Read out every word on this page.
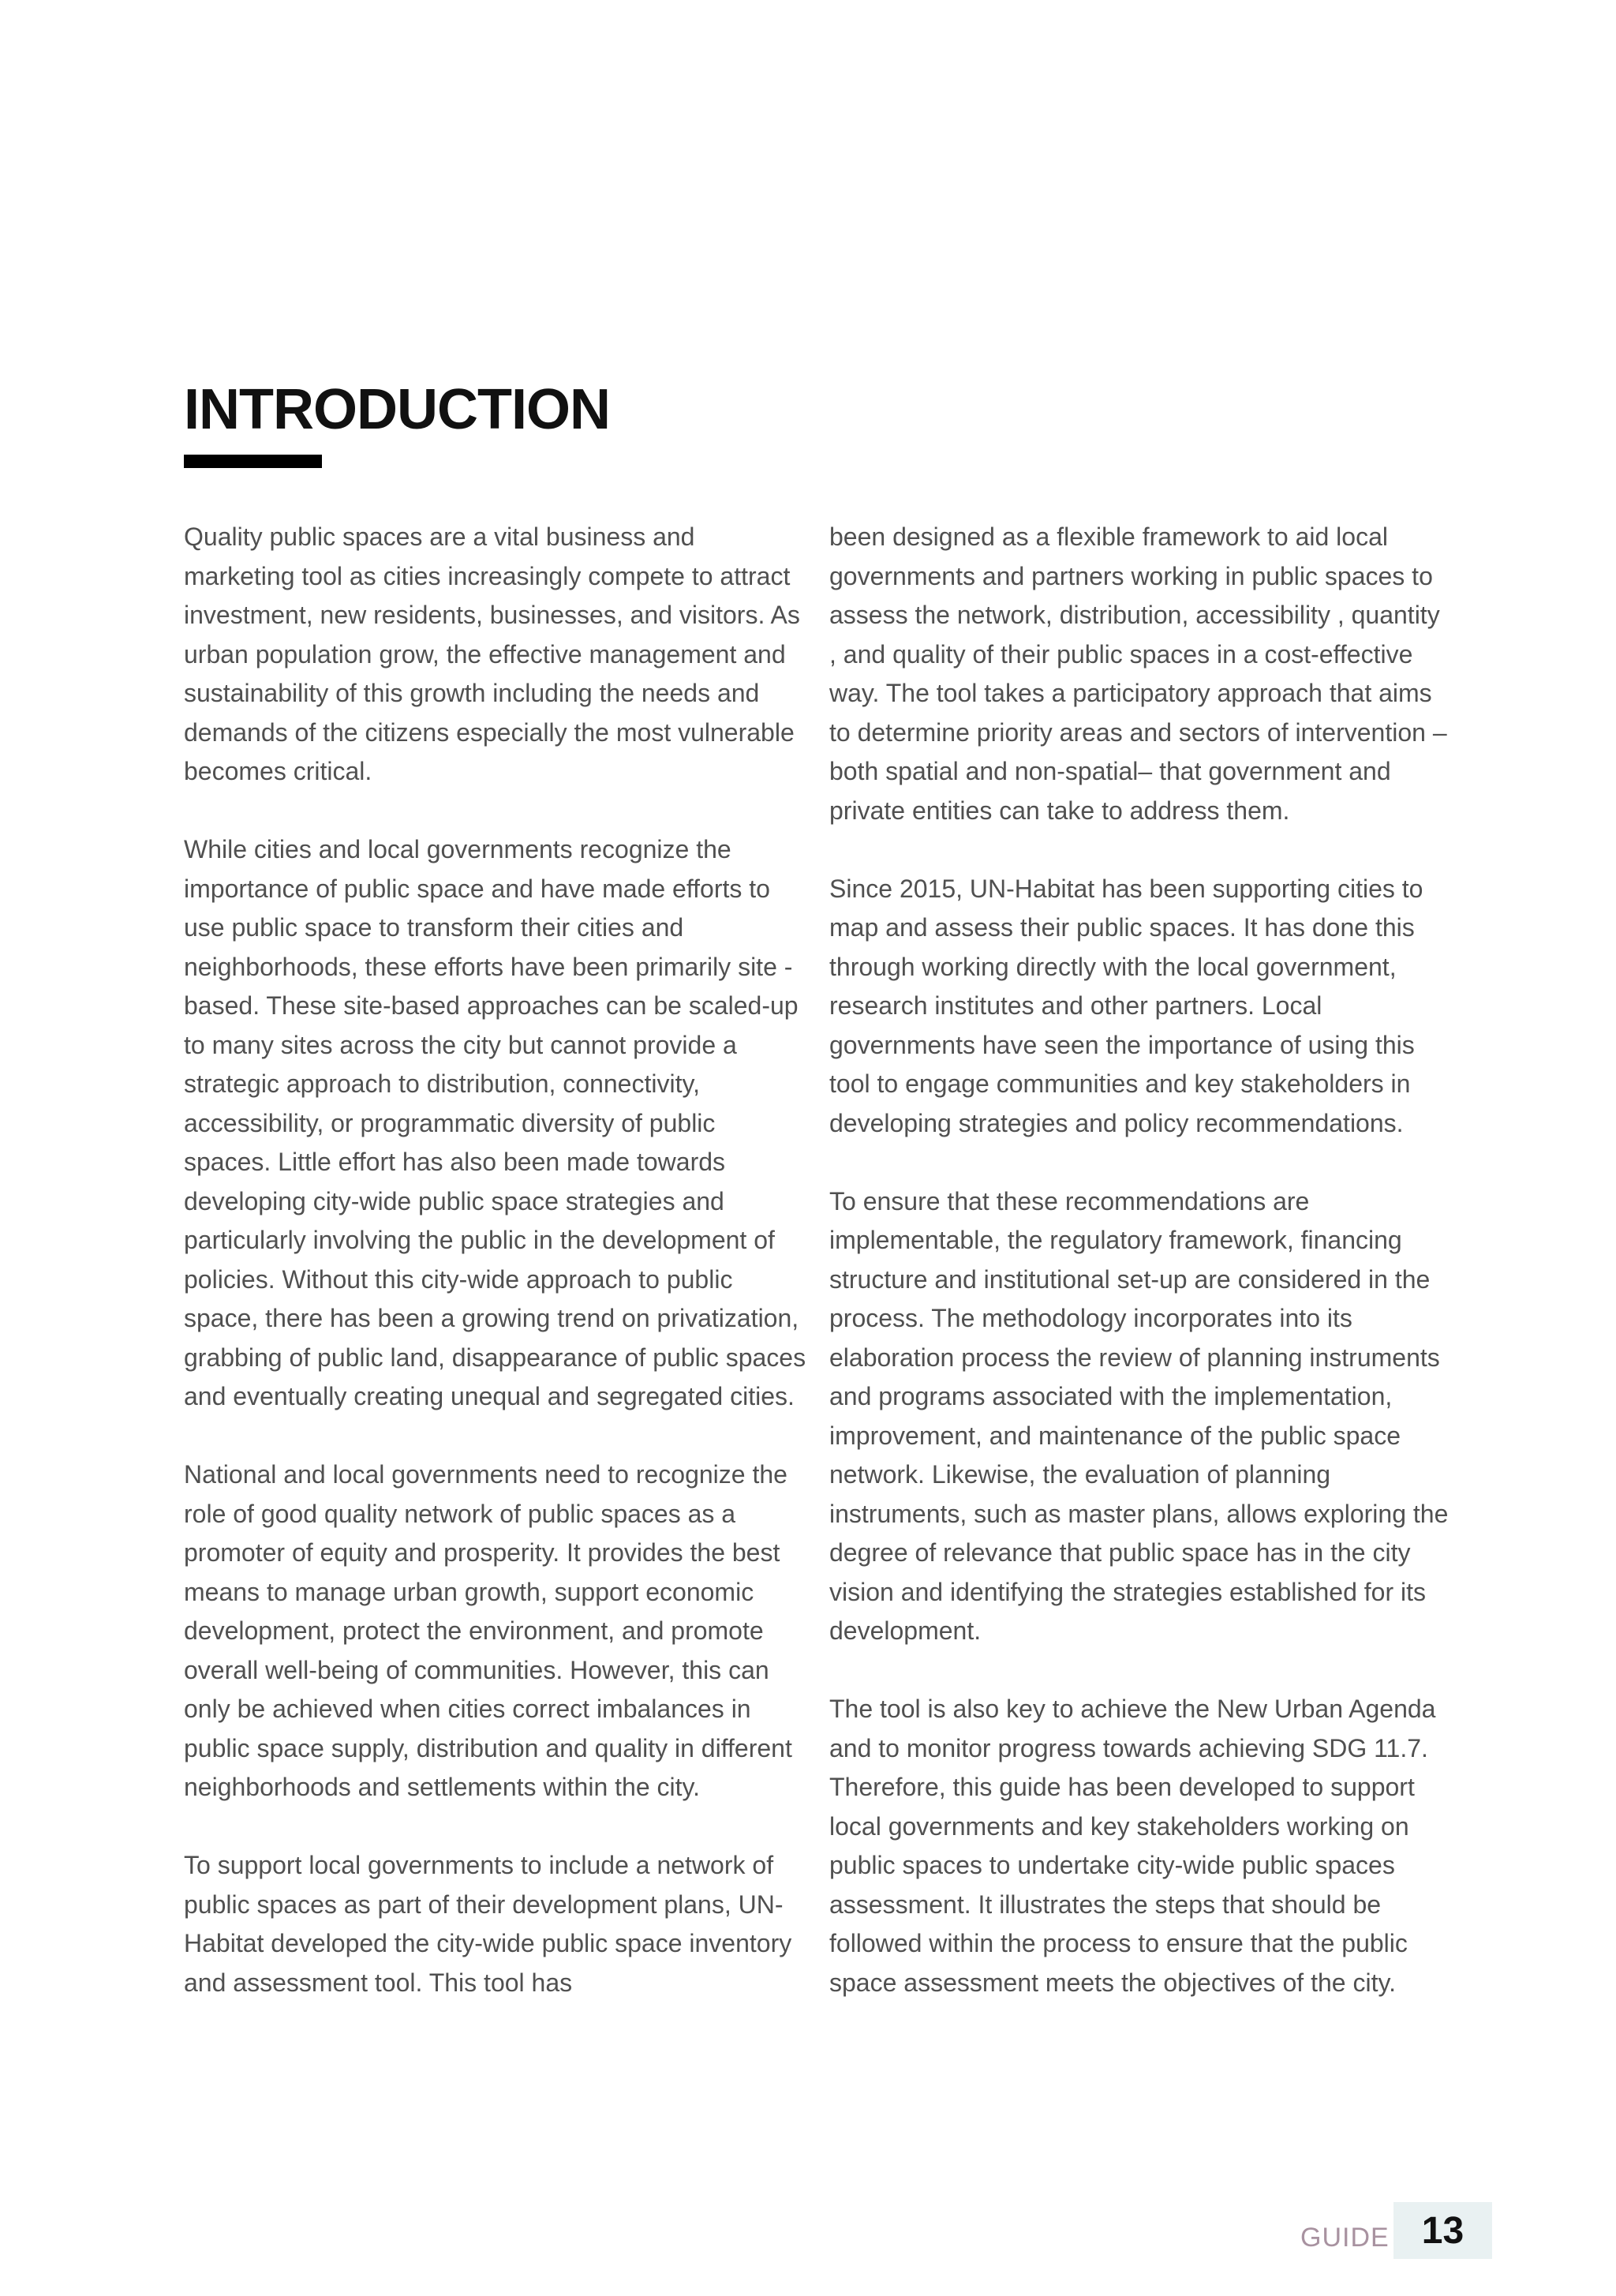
INTRODUCTION

Quality public spaces are a vital business and marketing tool as cities increasingly compete to attract investment, new residents, businesses, and visitors. As urban population grow, the effective management and sustainability of this growth including the needs and demands of the citizens especially the most vulnerable becomes critical.

While cities and local governments recognize the importance of public space and have made efforts to use public space to transform their cities and neighborhoods, these efforts have been primarily site - based. These site-based approaches can be scaled-up to many sites across the city but cannot provide a strategic approach to distribution, connectivity, accessibility, or programmatic diversity of public spaces. Little effort has also been made towards developing city-wide public space strategies and particularly involving the public in the development of policies. Without this city-wide approach to public space, there has been a growing trend on privatization, grabbing of public land, disappearance of public spaces and eventually creating unequal and segregated cities.

National and local governments need to recognize the role of good quality network of public spaces as a promoter of equity and prosperity. It provides the best means to manage urban growth, support economic development, protect the environment, and promote overall well-being of communities. However, this can only be achieved when cities correct imbalances in public space supply, distribution and quality in different neighborhoods and settlements within the city.

To support local governments to include a network of public spaces as part of their development plans, UN-Habitat developed the city-wide public space inventory and assessment tool. This tool has

been designed as a flexible framework to aid local governments and partners working in public spaces to assess the network, distribution, accessibility , quantity , and quality of their public spaces in a cost-effective way. The tool takes a participatory approach that aims to determine priority areas and sectors of intervention – both spatial and non-spatial– that government and private entities can take to address them.

Since 2015, UN-Habitat has been supporting cities to map and assess their public spaces. It has done this through working directly with the local government, research institutes and other partners. Local governments have seen the importance of using this tool to engage communities and key stakeholders in developing strategies and policy recommendations.

To ensure that these recommendations are implementable, the regulatory framework, financing structure and institutional set-up are considered in the process. The methodology incorporates into its elaboration process the review of planning instruments and programs associated with the implementation, improvement, and maintenance of the public space network. Likewise, the evaluation of planning instruments, such as master plans, allows exploring the degree of relevance that public space has in the city vision and identifying the strategies established for its development.

The tool is also key to achieve the New Urban Agenda and to monitor progress towards achieving SDG 11.7. Therefore, this guide has been developed to support local governments and key stakeholders working on public spaces to undertake city-wide public spaces assessment. It illustrates the steps that should be followed within the process to ensure that the public space assessment meets the objectives of the city.

GUIDE 13
